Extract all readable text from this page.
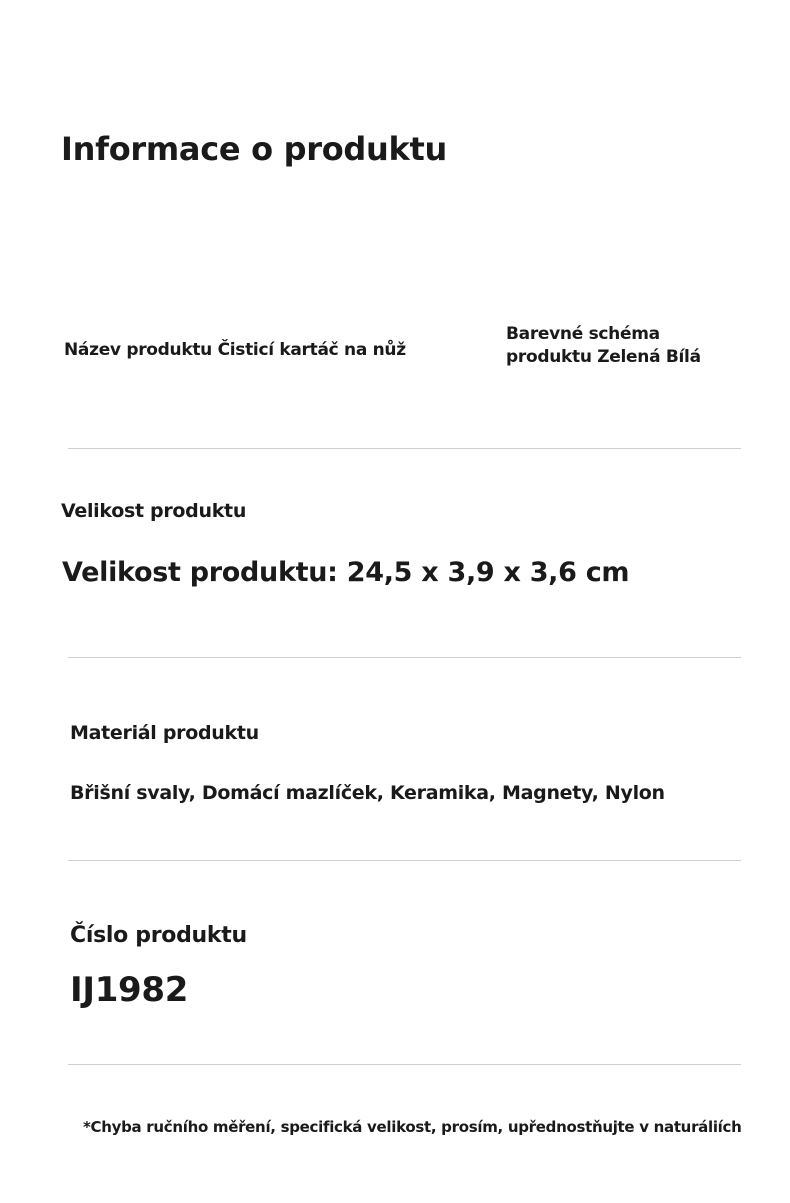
Informace o produktu
Název produktu Čisticí kartáč na nůž
Barevné schéma
produktu Zelená Bílá
Velikost produktu
Velikost produktu: 24,5 x 3,9 x 3,6 cm
Materiál produktu
Břišní svaly, Domácí mazlíček, Keramika, Magnety, Nylon
Číslo produktu
IJ1982
*Chyba ručního měření, specifická velikost, prosím, upřednostňujte v naturáliích
